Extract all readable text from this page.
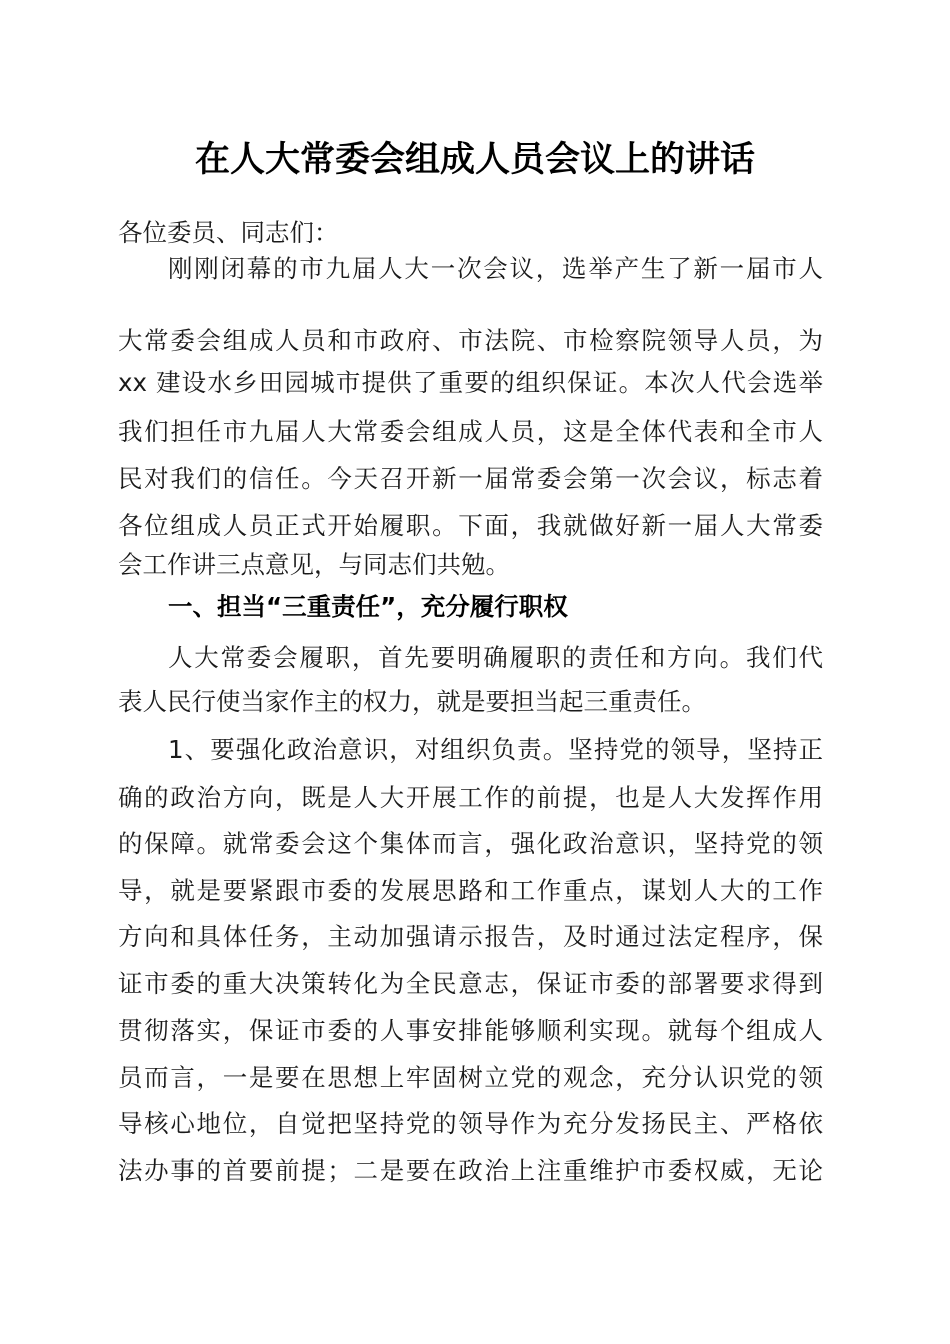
在人大常委会组成人员会议上的讲话
各位委员、同志们：
刚刚闭幕的市九届人大一次会议，选举产生了新一届市人
大常委会组成人员和市政府、市法院、市检察院领导人员，为
xx 建设水乡田园城市提供了重要的组织保证。本次人代会选举
我们担任市九届人大常委会组成人员，这是全体代表和全市人
民对我们的信任。今天召开新一届常委会第一次会议，标志着
各位组成人员正式开始履职。下面，我就做好新一届人大常委
会工作讲三点意见，与同志们共勉。
一、担当“三重责任”，充分履行职权
人大常委会履职，首先要明确履职的责任和方向。我们代
表人民行使当家作主的权力，就是要担当起三重责任。
1、要强化政治意识，对组织负责。坚持党的领导，坚持正
确的政治方向，既是人大开展工作的前提，也是人大发挥作用
的保障。就常委会这个集体而言，强化政治意识，坚持党的领
导，就是要紧跟市委的发展思路和工作重点，谋划人大的工作
方向和具体任务，主动加强请示报告，及时通过法定程序，保
证市委的重大决策转化为全民意志，保证市委的部署要求得到
贯彻落实，保证市委的人事安排能够顺利实现。就每个组成人
员而言，一是要在思想上牢固树立党的观念，充分认识党的领
导核心地位，自觉把坚持党的领导作为充分发扬民主、严格依
法办事的首要前提；二是要在政治上注重维护市委权威，无论
